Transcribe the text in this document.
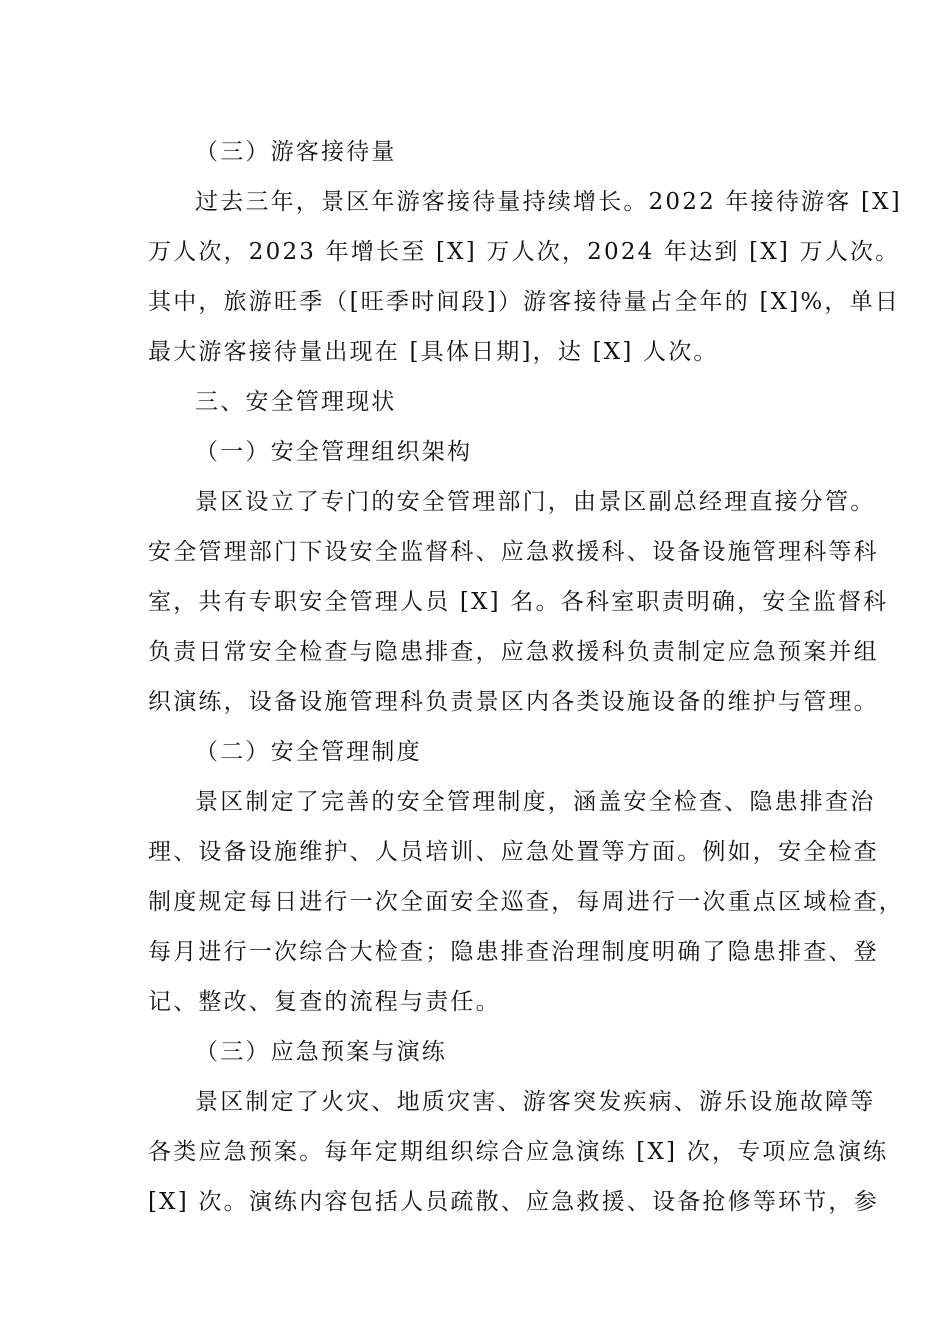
（三）游客接待量
过去三年，景区年游客接待量持续增长。2022 年接待游客 [X]
万人次，2023 年增长至 [X] 万人次，2024 年达到 [X] 万人次。
其中，旅游旺季（[旺季时间段]）游客接待量占全年的 [X]%，单日
最大游客接待量出现在 [具体日期]，达 [X] 人次。
三、安全管理现状
（一）安全管理组织架构
景区设立了专门的安全管理部门，由景区副总经理直接分管。
安全管理部门下设安全监督科、应急救援科、设备设施管理科等科
室，共有专职安全管理人员 [X] 名。各科室职责明确，安全监督科
负责日常安全检查与隐患排查，应急救援科负责制定应急预案并组
织演练，设备设施管理科负责景区内各类设施设备的维护与管理。
（二）安全管理制度
景区制定了完善的安全管理制度，涵盖安全检查、隐患排查治
理、设备设施维护、人员培训、应急处置等方面。例如，安全检查
制度规定每日进行一次全面安全巡查，每周进行一次重点区域检查，
每月进行一次综合大检查；隐患排查治理制度明确了隐患排查、登
记、整改、复查的流程与责任。
（三）应急预案与演练
景区制定了火灾、地质灾害、游客突发疾病、游乐设施故障等
各类应急预案。每年定期组织综合应急演练 [X] 次，专项应急演练
[X] 次。演练内容包括人员疏散、应急救援、设备抢修等环节，参
